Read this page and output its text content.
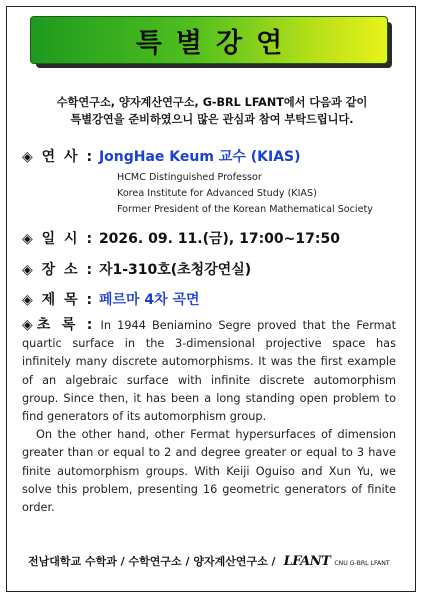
특별강연
수학연구소, 양자계산연구소, G-BRL LFANT에서 다음과 같이
특별강연을 준비하였으니 많은 관심과 참여 부탁드립니다.
◈ 연 사 : JongHae Keum 교수 (KIAS)
HCMC Distinguished Professor
Korea Institute for Advanced Study (KIAS)
Former President of the Korean Mathematical Society
◈ 일 시 : 2026. 09. 11.(금), 17:00~17:50
◈ 장 소 : 자1-310호(초청강연실)
◈ 제 목 : 페르마 4차 곡면

◈ 초 록 : In 1944 Beniamino Segre proved that the Fermat quartic surface in the 3-dimensional projective space has infinitely many discrete automorphisms. It was the first example of an algebraic surface with infinite discrete automorphism group. Since then, it has been a long standing open problem to find generators of its automorphism group.

On the other hand, other Fermat hypersurfaces of dimension greater than or equal to 2 and degree greater or equal to 3 have finite automorphism groups. With Keiji Oguiso and Xun Yu, we solve this problem, presenting 16 geometric generators of finite order.

전남대학교 수학과 / 수학연구소 / 양자계산연구소 / LFANT CNU G-BRL LFANT
